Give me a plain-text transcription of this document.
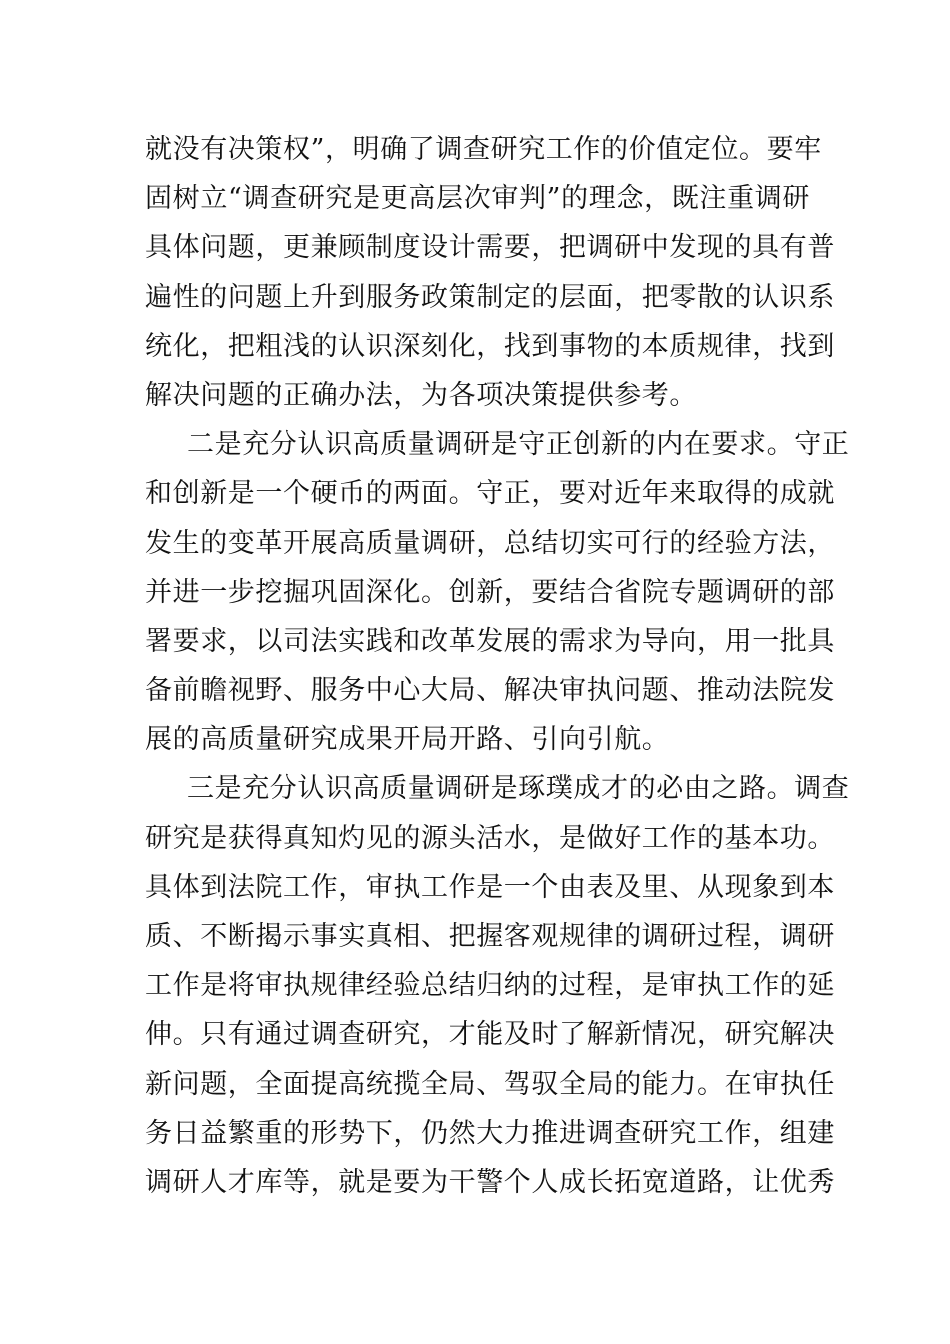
就没有决策权”，明确了调查研究工作的价值定位。要牢
固树立“调查研究是更高层次审判”的理念，既注重调研
具体问题，更兼顾制度设计需要，把调研中发现的具有普
遍性的问题上升到服务政策制定的层面，把零散的认识系
统化，把粗浅的认识深刻化，找到事物的本质规律，找到
解决问题的正确办法，为各项决策提供参考。
二是充分认识高质量调研是守正创新的内在要求。守正
和创新是一个硬币的两面。守正，要对近年来取得的成就
发生的变革开展高质量调研，总结切实可行的经验方法，
并进一步挖掘巩固深化。创新，要结合省院专题调研的部
署要求，以司法实践和改革发展的需求为导向，用一批具
备前瞻视野、服务中心大局、解决审执问题、推动法院发
展的高质量研究成果开局开路、引向引航。
三是充分认识高质量调研是琢璞成才的必由之路。调查
研究是获得真知灼见的源头活水，是做好工作的基本功。
具体到法院工作，审执工作是一个由表及里、从现象到本
质、不断揭示事实真相、把握客观规律的调研过程，调研
工作是将审执规律经验总结归纳的过程，是审执工作的延
伸。只有通过调查研究，才能及时了解新情况，研究解决
新问题，全面提高统揽全局、驾驭全局的能力。在审执任
务日益繁重的形势下，仍然大力推进调查研究工作，组建
调研人才库等，就是要为干警个人成长拓宽道路，让优秀
